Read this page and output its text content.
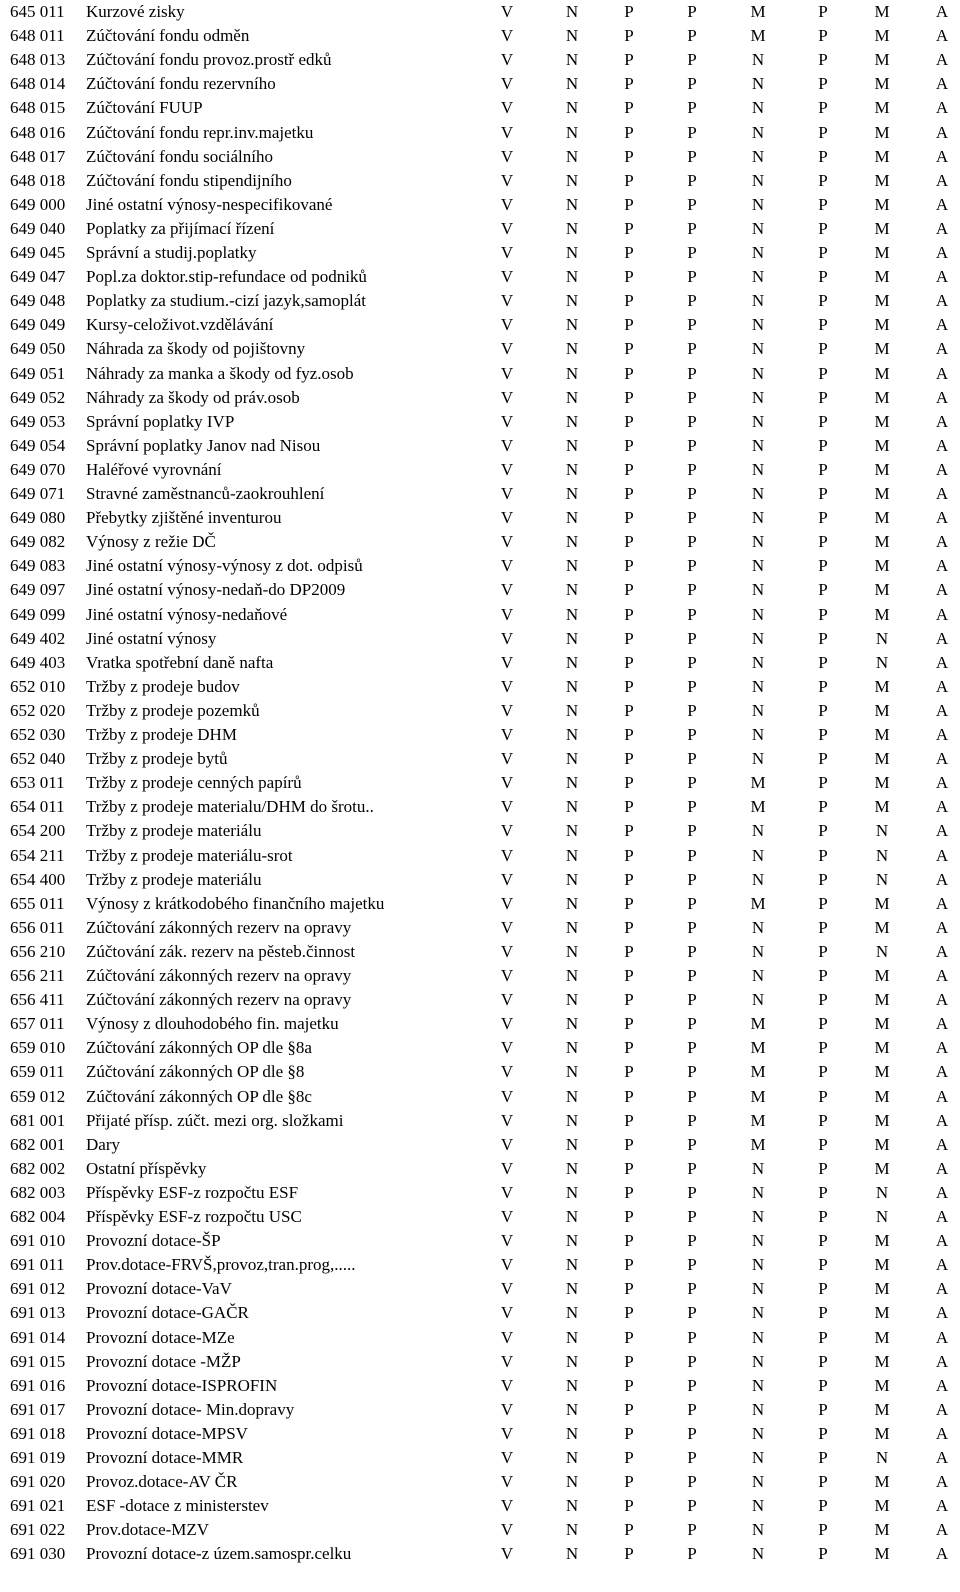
645 011 Kurzové zisky	V	N	P	P	M	P	M	A
648 011 Zúčtování fondu odměn	V	N	P	P	M	P	M	A
648 013 Zúčtování fondu provoz.prostř edků	V	N	P	P	N	P	M	A
648 014 Zúčtování fondu rezervního	V	N	P	P	N	P	M	A
648 015 Zúčtování FUUP	V	N	P	P	N	P	M	A
648 016 Zúčtování fondu repr.inv.majetku	V	N	P	P	N	P	M	A
648 017 Zúčtování fondu sociálního	V	N	P	P	N	P	M	A
648 018 Zúčtování fondu stipendijního	V	N	P	P	N	P	M	A
649 000 Jiné ostatní výnosy-nespecifikované	V	N	P	P	N	P	M	A
649 040 Poplatky za přijímací řízení	V	N	P	P	N	P	M	A
649 045 Správní a studij.poplatky	V	N	P	P	N	P	M	A
649 047 Popl.za doktor.stip-refundace od podniků	V	N	P	P	N	P	M	A
649 048 Poplatky za studium.-cizí jazyk,samoplát	V	N	P	P	N	P	M	A
649 049 Kursy-celoživot.vzdělávání	V	N	P	P	N	P	M	A
649 050 Náhrada za škody od pojištovny	V	N	P	P	N	P	M	A
649 051 Náhrady za manka a škody od fyz.osob	V	N	P	P	N	P	M	A
649 052 Náhrady za škody od práv.osob	V	N	P	P	N	P	M	A
649 053 Správní poplatky IVP	V	N	P	P	N	P	M	A
649 054 Správní poplatky Janov nad Nisou	V	N	P	P	N	P	M	A
649 070 Haléřové vyrovnání	V	N	P	P	N	P	M	A
649 071 Stravné zaměstnanců-zaokrouhlení	V	N	P	P	N	P	M	A
649 080 Přebytky zjištěné inventurou	V	N	P	P	N	P	M	A
649 082 Výnosy z režie DČ	V	N	P	P	N	P	M	A
649 083 Jiné ostatní výnosy-výnosy z dot. odpisů	V	N	P	P	N	P	M	A
649 097 Jiné ostatní výnosy-nedaň-do DP2009	V	N	P	P	N	P	M	A
649 099 Jiné ostatní výnosy-nedaňové	V	N	P	P	N	P	M	A
649 402 Jiné ostatní výnosy	V	N	P	P	N	P	N	A
649 403 Vratka spotřební daně nafta	V	N	P	P	N	P	N	A
652 010 Tržby z prodeje budov	V	N	P	P	N	P	M	A
652 020 Tržby z prodeje pozemků	V	N	P	P	N	P	M	A
652 030 Tržby z prodeje DHM	V	N	P	P	N	P	M	A
652 040 Tržby z prodeje bytů	V	N	P	P	N	P	M	A
653 011 Tržby z prodeje cenných papírů	V	N	P	P	M	P	M	A
654 011 Tržby z prodeje materialu/DHM do šrotu..	V	N	P	P	M	P	M	A
654 200 Tržby z prodeje materiálu	V	N	P	P	N	P	N	A
654 211 Tržby z prodeje materiálu-srot	V	N	P	P	N	P	N	A
654 400 Tržby z prodeje materiálu	V	N	P	P	N	P	N	A
655 011 Výnosy z krátkodobého finančního majetku	V	N	P	P	M	P	M	A
656 011 Zúčtování zákonných rezerv na opravy	V	N	P	P	N	P	M	A
656 210 Zúčtování zák. rezerv na pěsteb.činnost	V	N	P	P	N	P	N	A
656 211 Zúčtování zákonných rezerv na opravy	V	N	P	P	N	P	M	A
656 411 Zúčtování zákonných rezerv na opravy	V	N	P	P	N	P	M	A
657 011 Výnosy z dlouhodobého fin. majetku	V	N	P	P	M	P	M	A
659 010 Zúčtování zákonných OP dle §8a	V	N	P	P	M	P	M	A
659 011 Zúčtování zákonných OP dle §8	V	N	P	P	M	P	M	A
659 012 Zúčtování zákonných OP dle §8c	V	N	P	P	M	P	M	A
681 001 Přijaté přísp. zúčt. mezi org. složkami	V	N	P	P	M	P	M	A
682 001 Dary	V	N	P	P	M	P	M	A
682 002 Ostatní příspěvky	V	N	P	P	N	P	M	A
682 003 Příspěvky ESF-z rozpočtu ESF	V	N	P	P	N	P	N	A
682 004 Příspěvky ESF-z rozpočtu USC	V	N	P	P	N	P	N	A
691 010 Provozní dotace-ŠP	V	N	P	P	N	P	M	A
691 011 Prov.dotace-FRVŠ,provoz,tran.prog,.....	V	N	P	P	N	P	M	A
691 012 Provozní dotace-VaV	V	N	P	P	N	P	M	A
691 013 Provozní dotace-GAČR	V	N	P	P	N	P	M	A
691 014 Provozní dotace-MZe	V	N	P	P	N	P	M	A
691 015 Provozní dotace -MŽP	V	N	P	P	N	P	M	A
691 016 Provozní dotace-ISPROFIN	V	N	P	P	N	P	M	A
691 017 Provozní dotace- Min.dopravy	V	N	P	P	N	P	M	A
691 018 Provozní dotace-MPSV	V	N	P	P	N	P	M	A
691 019 Provozní dotace-MMR	V	N	P	P	N	P	N	A
691 020 Provoz.dotace-AV ČR	V	N	P	P	N	P	M	A
691 021 ESF -dotace z ministerstev	V	N	P	P	N	P	M	A
691 022 Prov.dotace-MZV	V	N	P	P	N	P	M	A
691 030 Provozní dotace-z územ.samospr.celku	V	N	P	P	N	P	M	A
